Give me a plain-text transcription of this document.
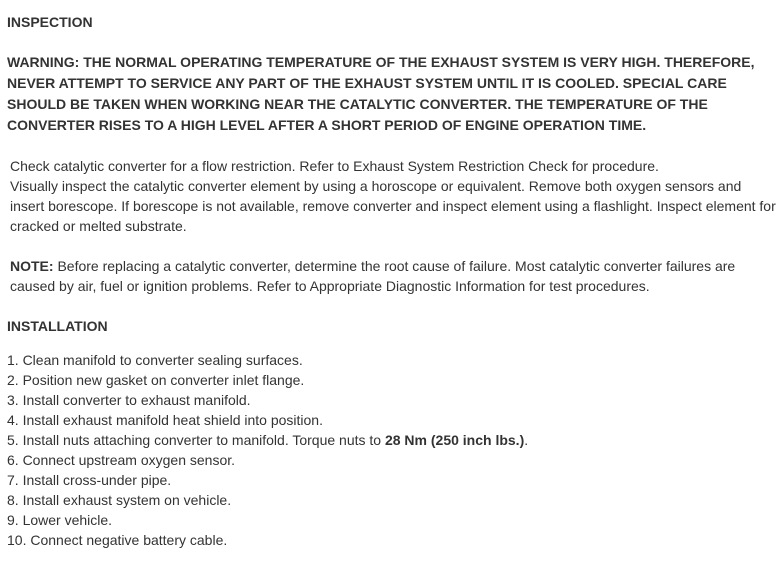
INSPECTION

WARNING: THE NORMAL OPERATING TEMPERATURE OF THE EXHAUST SYSTEM IS VERY HIGH. THEREFORE, NEVER ATTEMPT TO SERVICE ANY PART OF THE EXHAUST SYSTEM UNTIL IT IS COOLED. SPECIAL CARE SHOULD BE TAKEN WHEN WORKING NEAR THE CATALYTIC CONVERTER. THE TEMPERATURE OF THE CONVERTER RISES TO A HIGH LEVEL AFTER A SHORT PERIOD OF ENGINE OPERATION TIME.

Check catalytic converter for a flow restriction. Refer to Exhaust System Restriction Check for procedure.

Visually inspect the catalytic converter element by using a horoscope or equivalent. Remove both oxygen sensors and insert borescope. If borescope is not available, remove converter and inspect element using a flashlight. Inspect element for cracked or melted substrate.

NOTE: Before replacing a catalytic converter, determine the root cause of failure. Most catalytic converter failures are caused by air, fuel or ignition problems. Refer to Appropriate Diagnostic Information for test procedures.

INSTALLATION

1. Clean manifold to converter sealing surfaces.
2. Position new gasket on converter inlet flange.
3. Install converter to exhaust manifold.
4. Install exhaust manifold heat shield into position.
5. Install nuts attaching converter to manifold. Torque nuts to 28 Nm (250 inch lbs.).
6. Connect upstream oxygen sensor.
7. Install cross-under pipe.
8. Install exhaust system on vehicle.
9. Lower vehicle.
10. Connect negative battery cable.
